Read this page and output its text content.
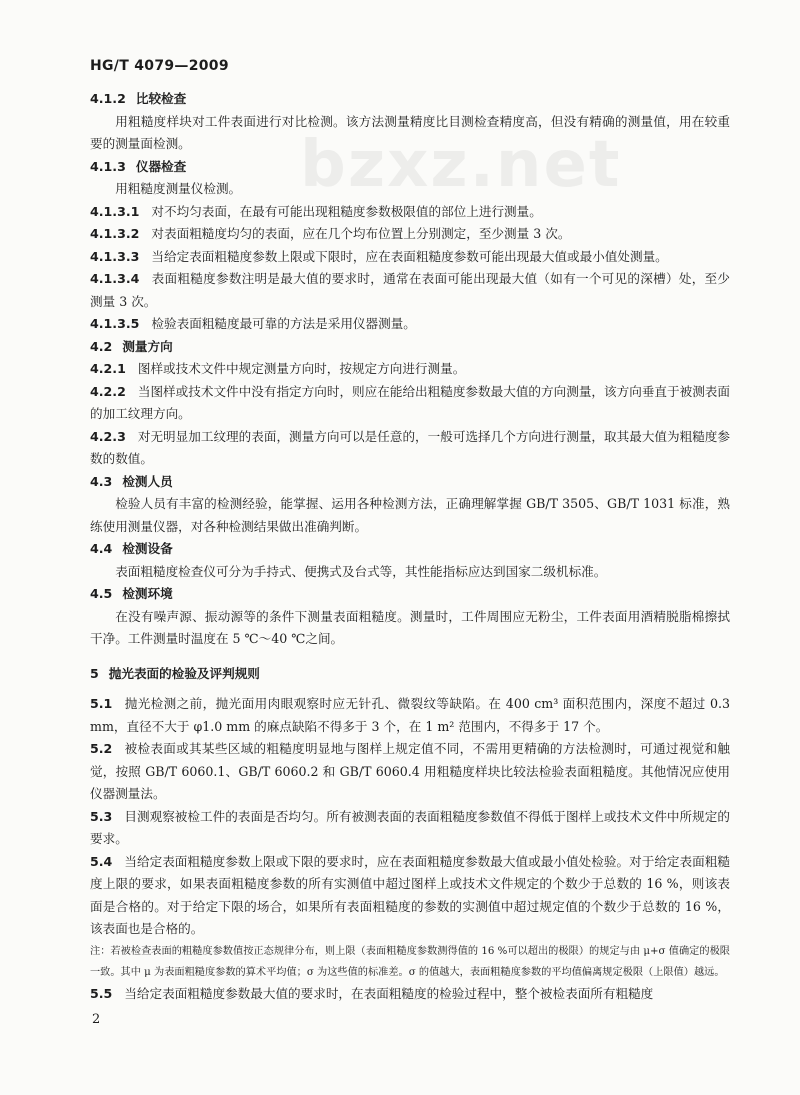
HG/T 4079—2009
bzxz.net

4.1.2 比较检查

用粗糙度样块对工件表面进行对比检测。该方法测量精度比目测检查精度高，但没有精确的测量值，用在较重要的测量面检测。

4.1.3 仪器检查

用粗糙度测量仪检测。

4.1.3.1 对不均匀表面，在最有可能出现粗糙度参数极限值的部位上进行测量。

4.1.3.2 对表面粗糙度均匀的表面，应在几个均布位置上分别测定，至少测量 3 次。

4.1.3.3 当给定表面粗糙度参数上限或下限时，应在表面粗糙度参数可能出现最大值或最小值处测量。

4.1.3.4 表面粗糙度参数注明是最大值的要求时，通常在表面可能出现最大值（如有一个可见的深槽）处，至少测量 3 次。

4.1.3.5 检验表面粗糙度最可靠的方法是采用仪器测量。

4.2 测量方向

4.2.1 图样或技术文件中规定测量方向时，按规定方向进行测量。

4.2.2 当图样或技术文件中没有指定方向时，则应在能给出粗糙度参数最大值的方向测量，该方向垂直于被测表面的加工纹理方向。

4.2.3 对无明显加工纹理的表面，测量方向可以是任意的，一般可选择几个方向进行测量，取其最大值为粗糙度参数的数值。

4.3 检测人员

检验人员有丰富的检测经验，能掌握、运用各种检测方法，正确理解掌握 GB/T 3505、GB/T 1031 标准，熟练使用测量仪器，对各种检测结果做出准确判断。

4.4 检测设备

表面粗糙度检查仪可分为手持式、便携式及台式等，其性能指标应达到国家二级机标准。

4.5 检测环境

在没有噪声源、振动源等的条件下测量表面粗糙度。测量时，工件周围应无粉尘，工件表面用酒精脱脂棉擦拭干净。工件测量时温度在 5 ℃～40 ℃之间。

5 抛光表面的检验及评判规则

5.1 抛光检测之前，抛光面用肉眼观察时应无针孔、微裂纹等缺陷。在 400 cm³ 面积范围内，深度不超过 0.3 mm，直径不大于 φ1.0 mm 的麻点缺陷不得多于 3 个，在 1 m² 范围内，不得多于 17 个。

5.2 被检表面或其某些区域的粗糙度明显地与图样上规定值不同，不需用更精确的方法检测时，可通过视觉和触觉，按照 GB/T 6060.1、GB/T 6060.2 和 GB/T 6060.4 用粗糙度样块比较法检验表面粗糙度。其他情况应使用仪器测量法。

5.3 目测观察被检工件的表面是否均匀。所有被测表面的表面粗糙度参数值不得低于图样上或技术文件中所规定的要求。

5.4 当给定表面粗糙度参数上限或下限的要求时，应在表面粗糙度参数最大值或最小值处检验。对于给定表面粗糙度上限的要求，如果表面粗糙度参数的所有实测值中超过图样上或技术文件规定的个数少于总数的 16 %，则该表面是合格的。对于给定下限的场合，如果所有表面粗糙度的参数的实测值中超过规定值的个数少于总数的 16 %，该表面也是合格的。

注：若被检查表面的粗糙度参数值按正态规律分布，则上限（表面粗糙度参数测得值的 16 %可以超出的极限）的规定与由 μ+σ 值确定的极限一致。其中 μ 为表面粗糙度参数的算术平均值；σ 为这些值的标准差。σ 的值越大，表面粗糙度参数的平均值偏离规定极限（上限值）越远。

5.5 当给定表面粗糙度参数最大值的要求时，在表面粗糙度的检验过程中，整个被检表面所有粗糙度

2
